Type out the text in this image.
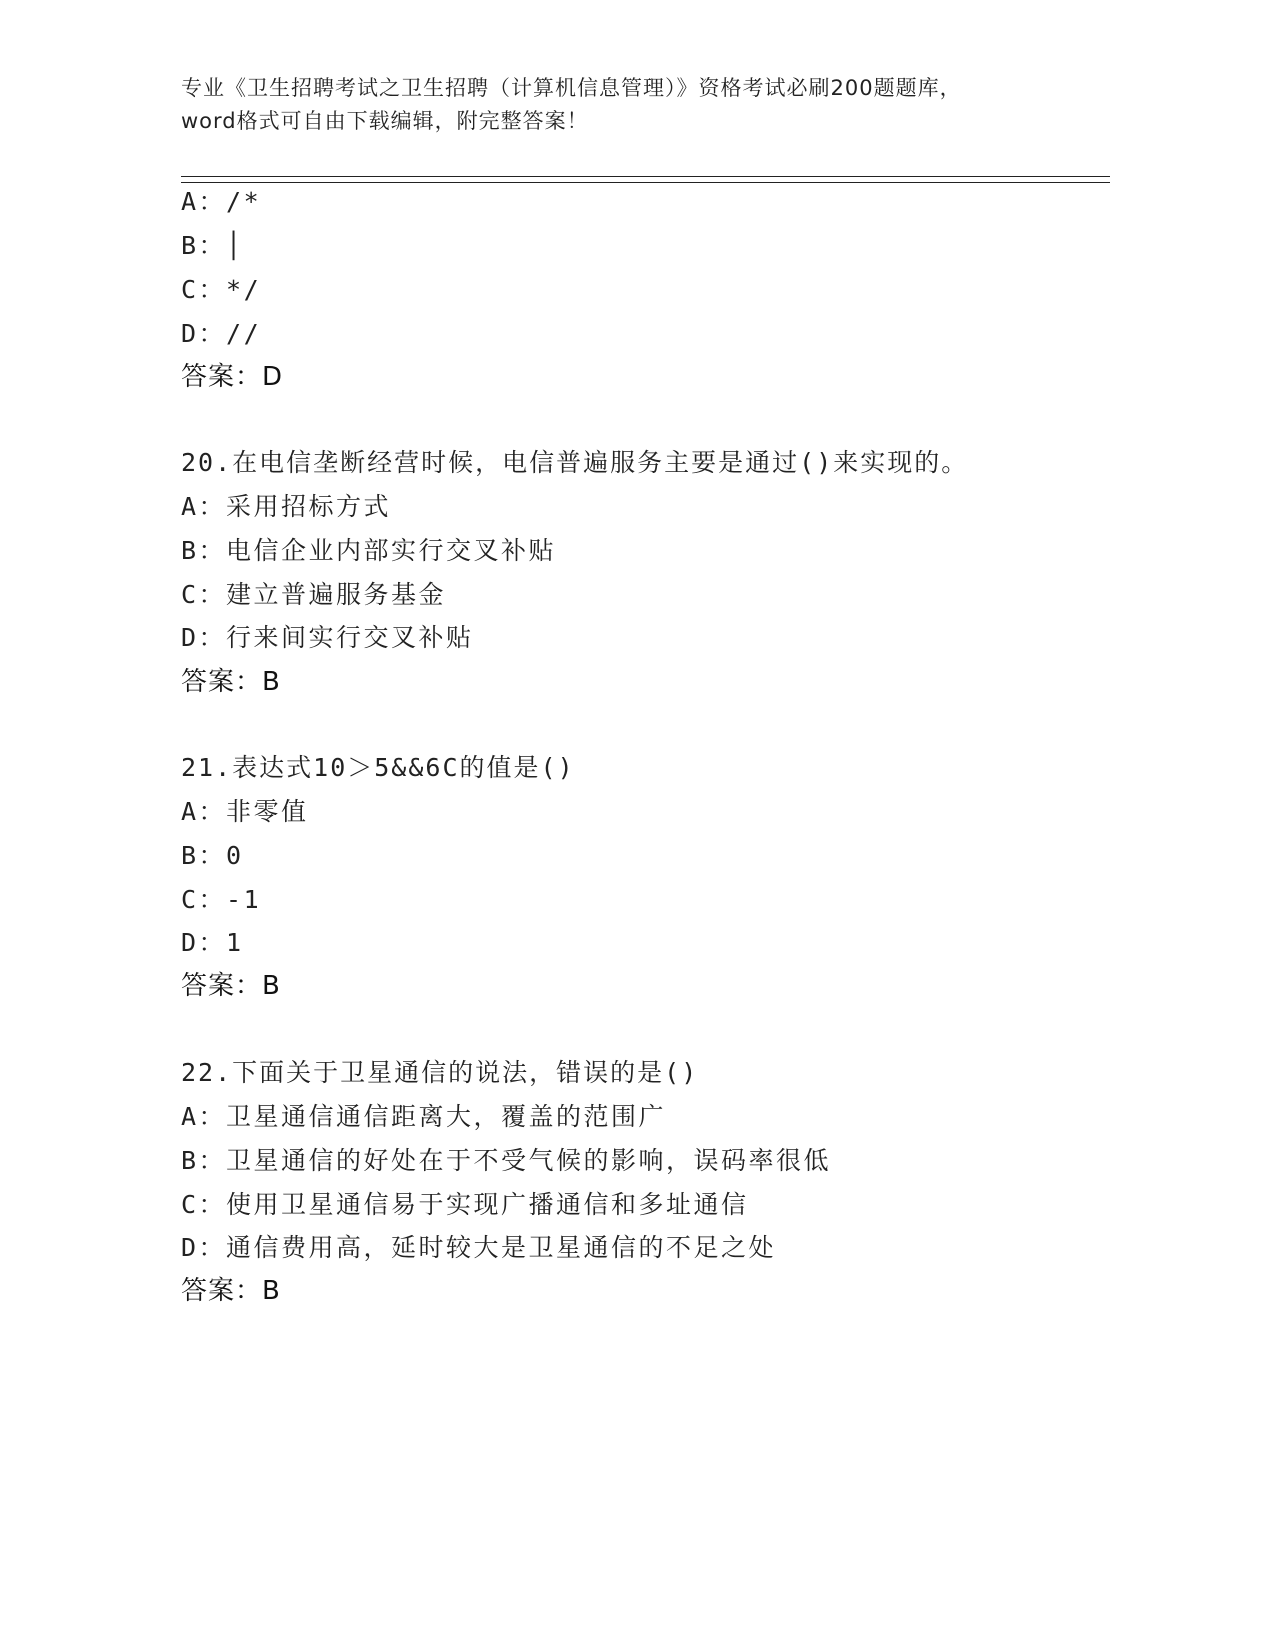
专业《卫生招聘考试之卫生招聘（计算机信息管理）》资格考试必刷200题题库，
word格式可自由下载编辑，附完整答案！
A：/*
B：│
C：*/
D：//
答案：D
20.在电信垄断经营时候，电信普遍服务主要是通过()来实现的。
A：采用招标方式
B：电信企业内部实行交叉补贴
C：建立普遍服务基金
D：行来间实行交叉补贴
答案：B
21.表达式10＞5&&6C的值是()
A：非零值
B：0
C：-1
D：1
答案：B
22.下面关于卫星通信的说法，错误的是()
A：卫星通信通信距离大，覆盖的范围广
B：卫星通信的好处在于不受气候的影响，误码率很低
C：使用卫星通信易于实现广播通信和多址通信
D：通信费用高，延时较大是卫星通信的不足之处
答案：B
